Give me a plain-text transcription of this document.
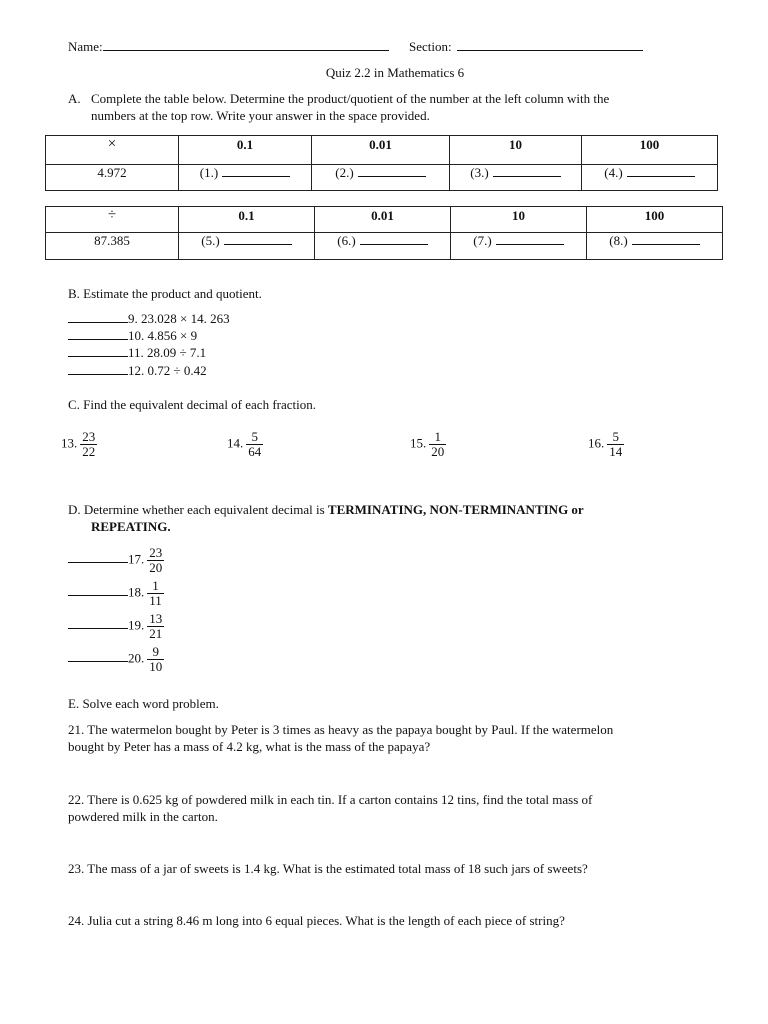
Name:	Section:
Quiz 2.2 in Mathematics 6
A. Complete the table below. Determine the product/quotient of the number at the left column with the
numbers at the top row. Write your answer in the space provided.
×	0.1	0.01	10	100
4.972	(1.)	(2.)	(3.)	(4.)
÷	0.1	0.01	10	100
87.385	(5.)	(6.)	(7.)	(8.)
B. Estimate the product and quotient.
9. 23.028 × 14. 263
10. 4.856 × 9
11. 28.09 ÷ 7.1
12. 0.72 ÷ 0.42
C. Find the equivalent decimal of each fraction.
13. $\frac{23}{22}$	14. $\frac{5}{64}$	15. $\frac{1}{20}$	16. $\frac{5}{14}$
D. Determine whether each equivalent decimal is TERMINATING, NON-TERMINANTING or
REPEATING.
17. $\frac{23}{20}$
18. $\frac{1}{11}$
19. $\frac{13}{21}$
20. $\frac{9}{10}$
E. Solve each word problem.
21. The watermelon bought by Peter is 3 times as heavy as the papaya bought by Paul. If the watermelon
bought by Peter has a mass of 4.2 kg, what is the mass of the papaya?
22. There is 0.625 kg of powdered milk in each tin. If a carton contains 12 tins, find the total mass of
powdered milk in the carton.
23. The mass of a jar of sweets is 1.4 kg. What is the estimated total mass of 18 such jars of sweets?
24. Julia cut a string 8.46 m long into 6 equal pieces. What is the length of each piece of string?
